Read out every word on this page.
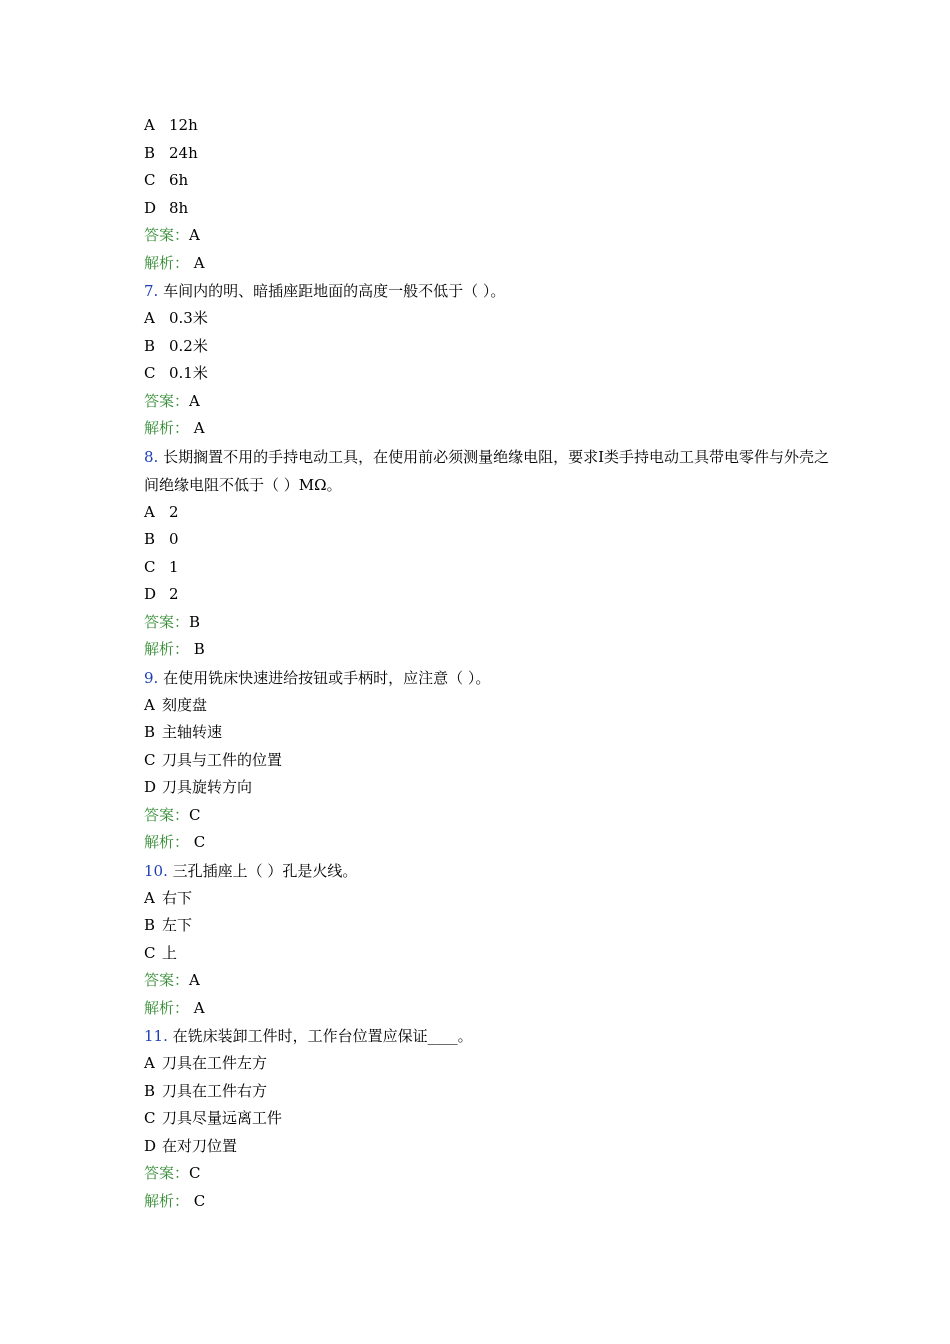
A 12h
B 24h
C 6h
D 8h
答案：A
解析： A
7. 车间内的明、暗插座距地面的高度一般不低于（ ）。
A 0.3米
B 0.2米
C 0.1米
答案：A
解析： A
8. 长期搁置不用的手持电动工具，在使用前必须测量绝缘电阻，要求Ⅰ类手持电动工具带电零件与外壳之间绝缘电阻不低于（ ）MΩ。
A 2
B 0
C 1
D 2
答案：B
解析： B
9. 在使用铣床快速进给按钮或手柄时，应注意（ ）。
A 刻度盘
B 主轴转速
C 刀具与工件的位置
D 刀具旋转方向
答案：C
解析： C
10. 三孔插座上（ ）孔是火线。
A 右下
B 左下
C 上
答案：A
解析： A
11. 在铣床装卸工件时，工作台位置应保证____。
A 刀具在工件左方
B 刀具在工件右方
C 刀具尽量远离工件
D 在对刀位置
答案：C
解析： C
